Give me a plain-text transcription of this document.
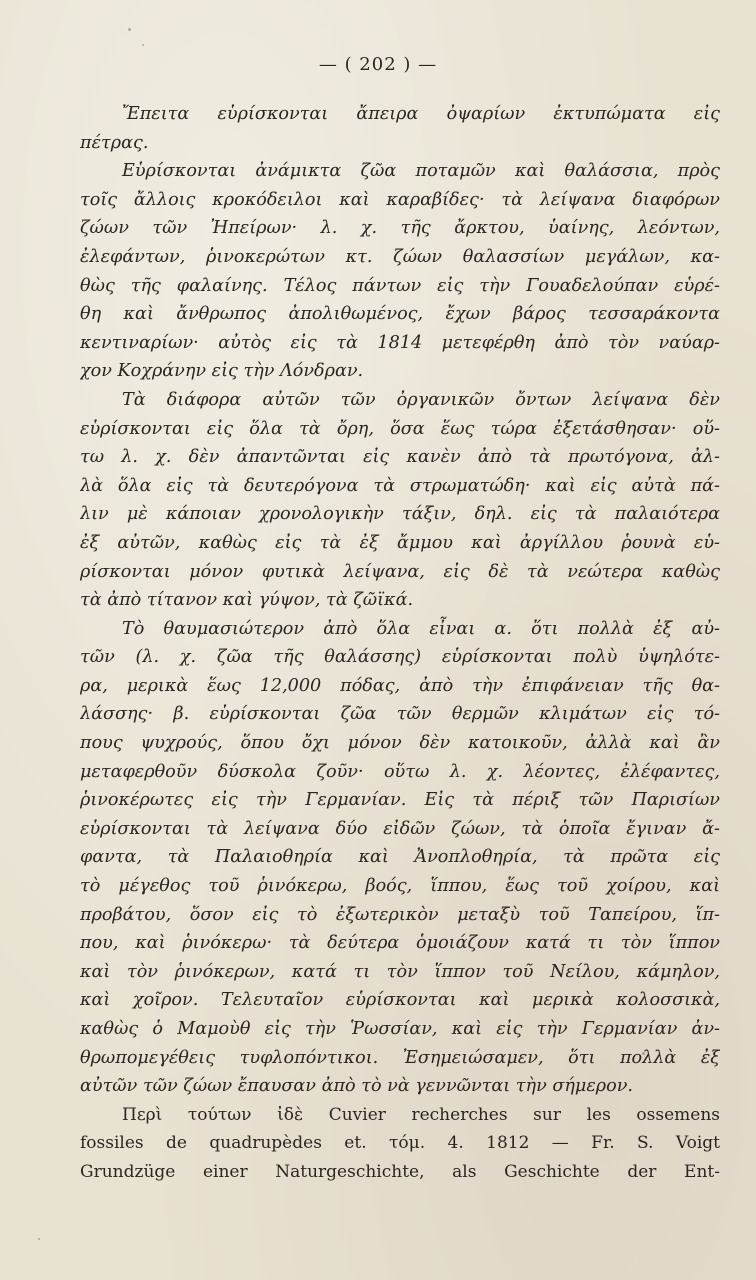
— ( 202 ) —
Ἔπειτα εὑρίσκονται ἄπειρα ὀψαρίων ἐκτυπώματα εἰς
πέτρας.
Εὑρίσκονται ἀνάμικτα ζῶα ποταμῶν καὶ θαλάσσια, πρὸς
τοῖς ἄλλοις κροκόδειλοι καὶ καραβίδες· τὰ λείψανα διαφόρων
ζώων τῶν Ἠπείρων· λ. χ. τῆς ἄρκτου, ὑαίνης, λεόντων,
ἐλεφάντων, ῥινοκερώτων κτ. ζώων θαλασσίων μεγάλων, κα-
θὼς τῆς φαλαίνης. Τέλος πάντων εἰς τὴν Γουαδελούπαν εὑρέ-
θη καὶ ἄνθρωπος ἀπολιθωμένος, ἔχων βάρος τεσσαράκοντα
κεντιναρίων· αὐτὸς εἰς τὰ 1814 μετεφέρθη ἀπὸ τὸν ναύαρ-
χον Κοχράνην εἰς τὴν Λόνδραν.
Τὰ διάφορα αὐτῶν τῶν ὀργανικῶν ὄντων λείψανα δὲν
εὑρίσκονται εἰς ὅλα τὰ ὄρη, ὅσα ἕως τώρα ἐξετάσθησαν· οὕ-
τω λ. χ. δὲν ἀπαντῶνται εἰς κανὲν ἀπὸ τὰ πρωτόγονα, ἀλ-
λὰ ὅλα εἰς τὰ δευτερόγονα τὰ στρωματώδη· καὶ εἰς αὐτὰ πά-
λιν μὲ κάποιαν χρονολογικὴν τάξιν, δηλ. εἰς τὰ παλαιότερα
ἐξ αὐτῶν, καθὼς εἰς τὰ ἐξ ἄμμου καὶ ἀργίλλου ῥουνὰ εὑ-
ρίσκονται μόνον φυτικὰ λείψανα, εἰς δὲ τὰ νεώτερα καθὼς
τὰ ἀπὸ τίτανον καὶ γύψον, τὰ ζῶϊκά.
Τὸ θαυμασιώτερον ἀπὸ ὅλα εἶναι α. ὅτι πολλὰ ἐξ αὐ-
τῶν (λ. χ. ζῶα τῆς θαλάσσης) εὑρίσκονται πολὺ ὑψηλότε-
ρα, μερικὰ ἕως 12,000 πόδας, ἀπὸ τὴν ἐπιφάνειαν τῆς θα-
λάσσης· β. εὑρίσκονται ζῶα τῶν θερμῶν κλιμάτων εἰς τό-
πους ψυχρούς, ὅπου ὄχι μόνον δὲν κατοικοῦν, ἀλλὰ καὶ ἂν
μεταφερθοῦν δύσκολα ζοῦν· οὕτω λ. χ. λέοντες, ἐλέφαντες,
ῥινοκέρωτες εἰς τὴν Γερμανίαν. Εἰς τὰ πέριξ τῶν Παρισίων
εὑρίσκονται τὰ λείψανα δύο εἰδῶν ζώων, τὰ ὁποῖα ἔγιναν ἄ-
φαντα, τὰ Παλαιοθηρία καὶ Ἀνοπλοθηρία, τὰ πρῶτα εἰς
τὸ μέγεθος τοῦ ῥινόκερω, βοός, ἵππου, ἕως τοῦ χοίρου, καὶ
προβάτου, ὅσον εἰς τὸ ἐξωτερικὸν μεταξὺ τοῦ Ταπείρου, ἵπ-
που, καὶ ῥινόκερω· τὰ δεύτερα ὁμοιάζουν κατά τι τὸν ἵππον
καὶ τὸν ῥινόκερων, κατά τι τὸν ἵππον τοῦ Νείλου, κάμηλον,
καὶ χοῖρον. Τελευταῖον εὑρίσκονται καὶ μερικὰ κολοσσικὰ,
καθὼς ὁ Μαμοὺθ εἰς τὴν Ῥωσσίαν, καὶ εἰς τὴν Γερμανίαν ἀν-
θρωπομεγέθεις τυφλοπόντικοι. Ἐσημειώσαμεν, ὅτι πολλὰ ἐξ
αὐτῶν τῶν ζώων ἔπαυσαν ἀπὸ τὸ νὰ γεννῶνται τὴν σήμερον.
Περὶ τούτων ἰδὲ Cuvier recherches sur les ossemens
fossiles de quadrupèdes et. τόμ. 4. 1812 — Fr. S. Voigt
Grundzüge einer Naturgeschichte, als Geschichte der Ent-
